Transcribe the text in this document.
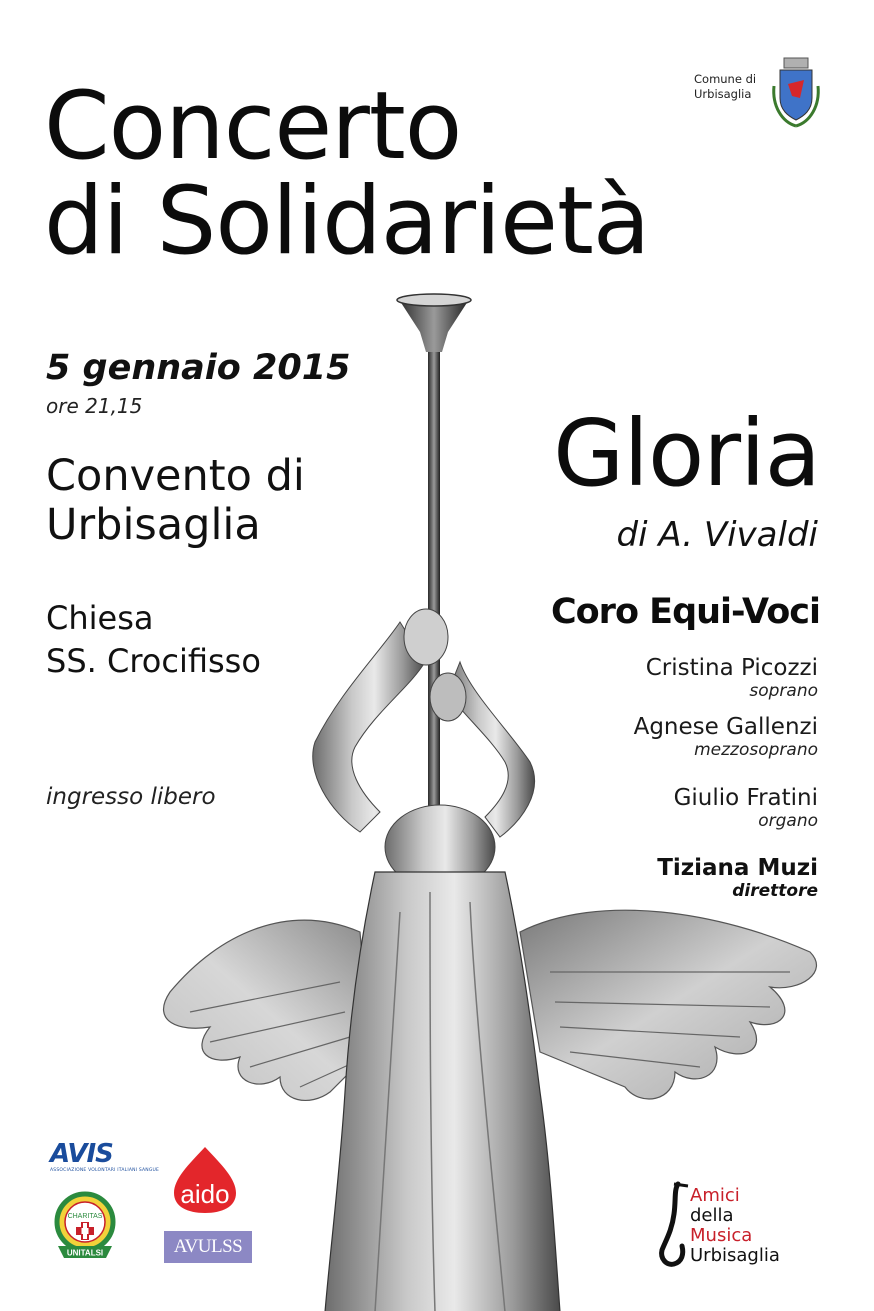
Concerto
di Solidarietà
Comune di
Urbisaglia
5 gennaio 2015
ore 21,15
Convento di
Urbisaglia
Chiesa
SS. Crocifisso
ingresso libero
Gloria
di A. Vivaldi
Coro Equi-Voci
Cristina Picozzi
soprano
Agnese Gallenzi
mezzosoprano
Giulio Fratini
organo
Tiziana Muzi
direttore
AVIS
ASSOCIAZIONE VOLONTARI ITALIANI SANGUE
CHARITAS
UNITALSI
aido
AVULSS
Amici
della
Musica
Urbisaglia
